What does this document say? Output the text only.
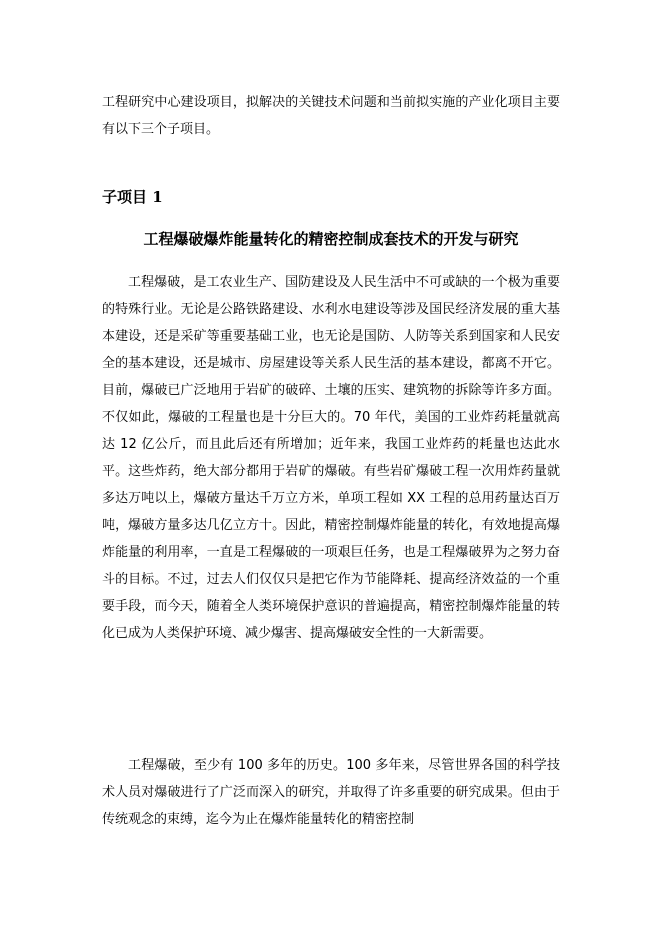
工程研究中心建设项目，拟解决的关键技术问题和当前拟实施的产业化项目主要有以下三个子项目。

子项目 1
工程爆破爆炸能量转化的精密控制成套技术的开发与研究

工程爆破，是工农业生产、国防建设及人民生活中不可或缺的一个极为重要的特殊行业。无论是公路铁路建设、水利水电建设等涉及国民经济发展的重大基本建设，还是采矿等重要基础工业，也无论是国防、人防等关系到国家和人民安全的基本建设，还是城市、房屋建设等关系人民生活的基本建设，都离不开它。目前，爆破已广泛地用于岩矿的破碎、土壤的压实、建筑物的拆除等许多方面。不仅如此，爆破的工程量也是十分巨大的。70 年代，美国的工业炸药耗量就高达 12 亿公斤，而且此后还有所增加；近年来，我国工业炸药的耗量也达此水平。这些炸药，绝大部分都用于岩矿的爆破。有些岩矿爆破工程一次用炸药量就多达万吨以上，爆破方量达千万立方米，单项工程如 XX 工程的总用药量达百万吨，爆破方量多达几亿立方十。因此，精密控制爆炸能量的转化，有效地提高爆炸能量的利用率，一直是工程爆破的一项艰巨任务，也是工程爆破界为之努力奋斗的目标。不过，过去人们仅仅只是把它作为节能降耗、提高经济效益的一个重要手段，而今天，随着全人类环境保护意识的普遍提高，精密控制爆炸能量的转化已成为人类保护环境、减少爆害、提高爆破安全性的一大新需要。

工程爆破，至少有 100 多年的历史。100 多年来，尽管世界各国的科学技术人员对爆破进行了广泛而深入的研究，并取得了许多重要的研究成果。但由于传统观念的束缚，迄今为止在爆炸能量转化的精密控制
